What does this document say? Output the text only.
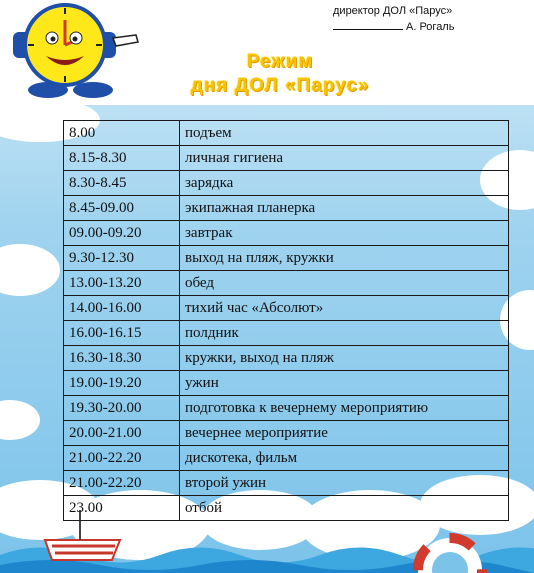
директор ДОЛ «Парус»
А. Рогаль
Режим
дня ДОЛ «Парус»
8.00	подъем
8.15-8.30	личная гигиена
8.30-8.45	зарядка
8.45-09.00	экипажная планерка
09.00-09.20	завтрак
9.30-12.30	выход на пляж, кружки
13.00-13.20	обед
14.00-16.00	тихий час «Абсолют»
16.00-16.15	полдник
16.30-18.30	кружки, выход на пляж
19.00-19.20	ужин
19.30-20.00	подготовка к вечернему мероприятию
20.00-21.00	вечернее мероприятие
21.00-22.20	дискотека, фильм
21.00-22.20	второй ужин
23.00	отбой
